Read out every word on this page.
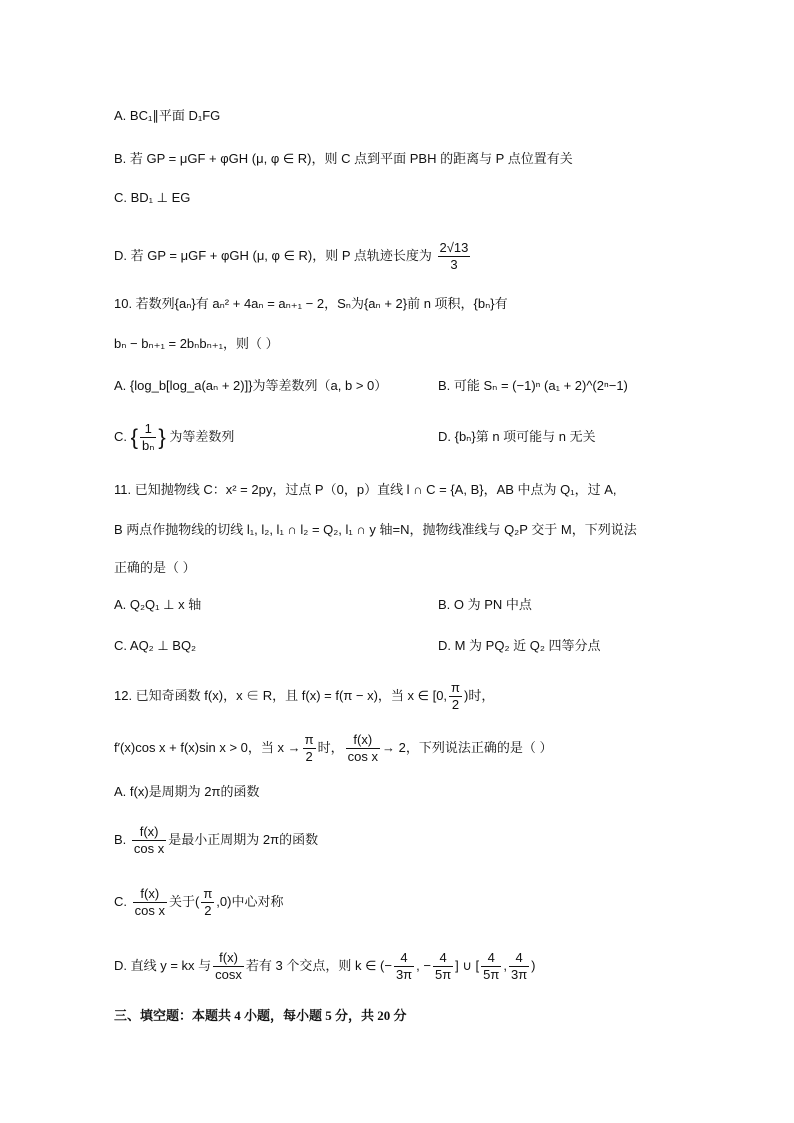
A. BC₁∥平面 D₁FG
B. 若 GP = μGF + φGH (μ, φ ∈ R)，则 C 点到平面 PBH 的距离与 P 点位置有关
C. BD₁ ⊥ EG
D. 若 GP = μGF + φGH (μ, φ ∈ R)，则 P 点轨迹长度为 $\frac{2√13}{3}$
10. 若数列{aₙ}有 aₙ² + 4aₙ = aₙ₊₁ − 2，Sₙ为{aₙ + 2}前 n 项积，{bₙ}有
bₙ − bₙ₊₁ = 2bₙbₙ₊₁，则（ ）
A. {log_b[log_a(aₙ + 2)]}为等差数列（a, b > 0）	B. 可能 Sₙ = (−1)ⁿ (a₁ + 2)^(2ⁿ−1)
C. { $\frac{1}{\text{bₙ}}$ } 为等差数列	D. {bₙ}第 n 项可能与 n 无关
11. 已知抛物线 C：x² = 2py，过点 P（0，p）直线 l ∩ C = {A, B}，AB 中点为 Q₁，过 A,
B 两点作抛物线的切线 l₁, l₂, l₁ ∩ l₂ = Q₂, l₁ ∩ y 轴=N，抛物线准线与 Q₂P 交于 M，下列说法
正确的是（ ）
A. Q₂Q₁ ⊥ x 轴	B. O 为 PN 中点
C. AQ₂ ⊥ BQ₂	D. M 为 PQ₂ 近 Q₂ 四等分点
12. 已知奇函数 f(x)，x ∈ R，且 f(x) = f(π − x)，当 x ∈ [0, $\frac{\pi}{2}$ )时，
f′(x)cos x + f(x)sin x > 0，当 $x \to \frac{\pi}{2}$ 时， $\frac{f(x)}{\text{cos x}} \to 2$，下列说法正确的是（ ）
A. f(x)是周期为 2π的函数
B. $\frac{f(x)}{\text{cos x}}$ 是最小正周期为 2π的函数
C. $\frac{f(x)}{\text{cos x}}$ 关于( $\frac{\pi}{2} ,0$)中心对称
D. 直线 y = kx 与 $\frac{f(x)}{\cos x}$ 若有 3 个交点，则 k ∈ (− $\frac{4}{3\pi}$ , − $\frac{4}{5\pi}$ ] ∪ [ $\frac{4}{5\pi}$ , $\frac{4}{3\pi}$ )
三、填空题：本题共 4 小题，每小题 5 分，共 20 分
